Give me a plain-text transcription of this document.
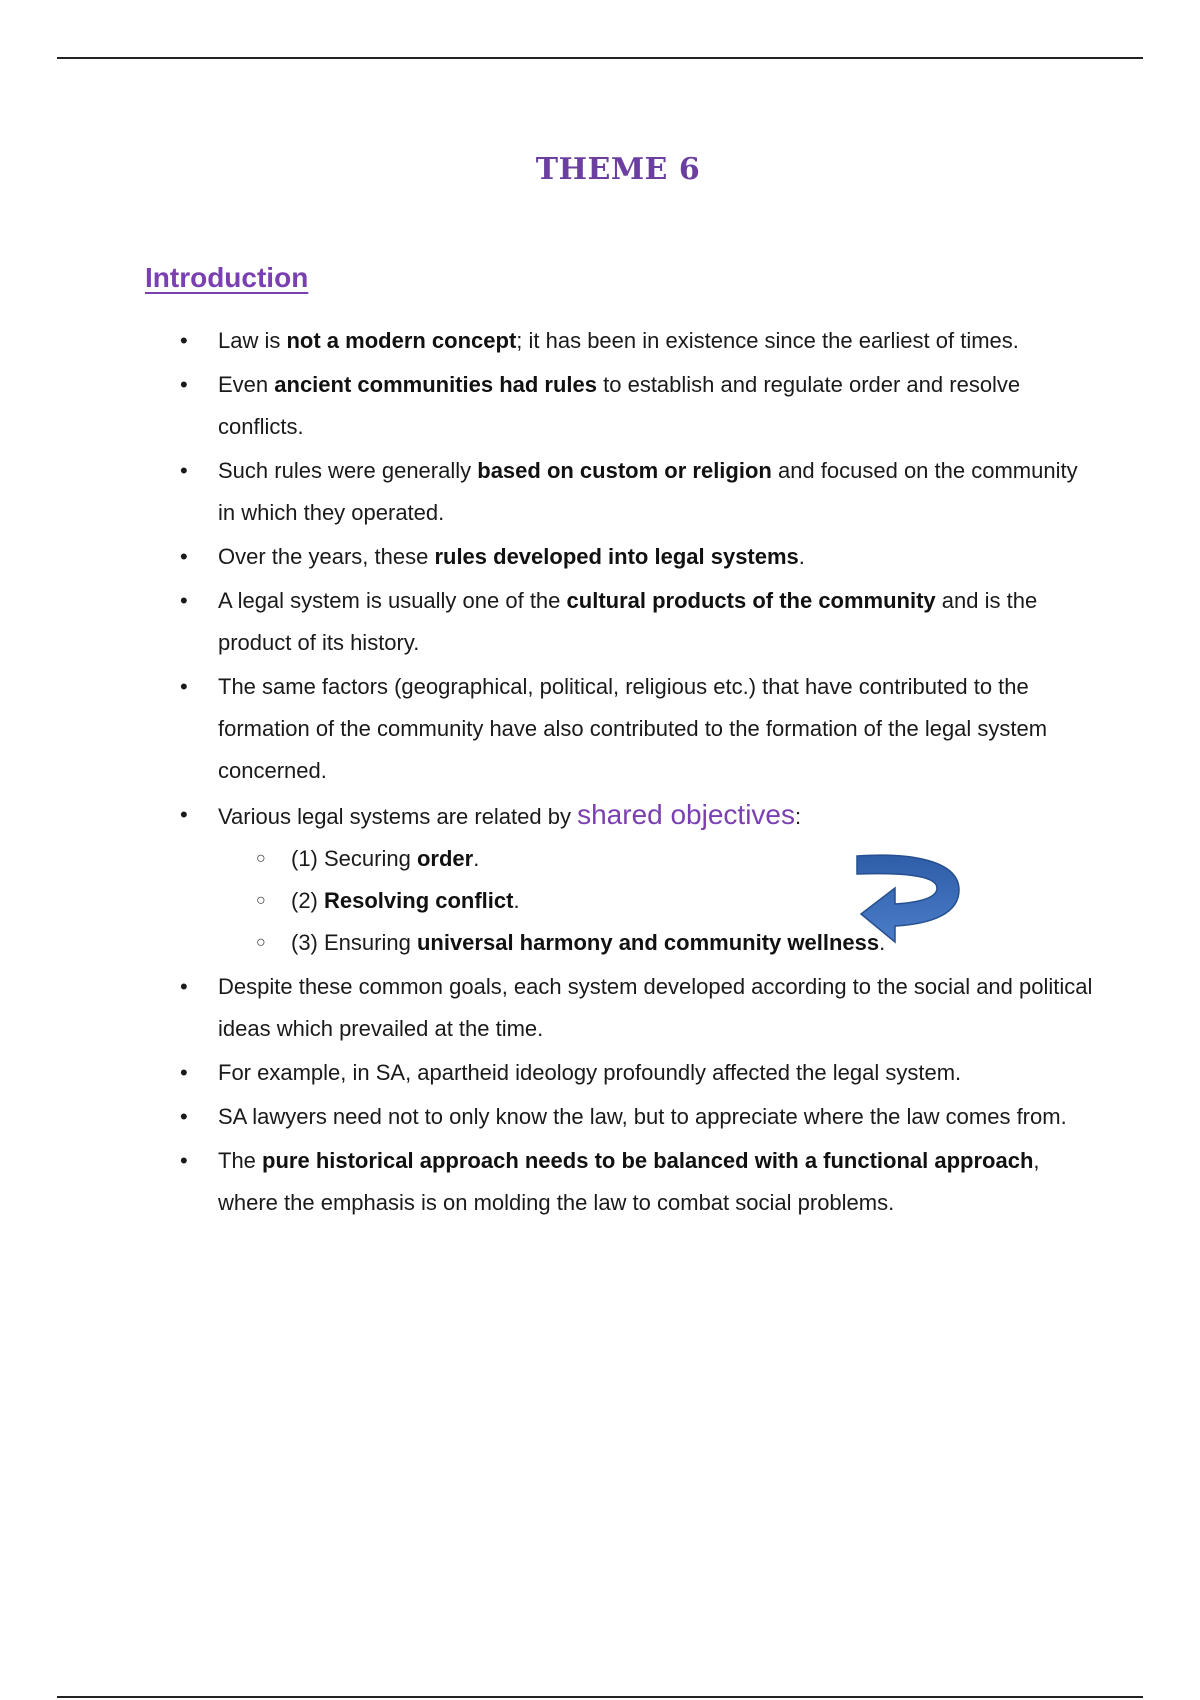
THEME 6
Introduction
• Law is not a modern concept; it has been in existence since the earliest of times.
• Even ancient communities had rules to establish and regulate order and resolve conflicts.
• Such rules were generally based on custom or religion and focused on the community in which they operated.
• Over the years, these rules developed into legal systems.
• A legal system is usually one of the cultural products of the community and is the product of its history.
• The same factors (geographical, political, religious etc.) that have contributed to the formation of the community have also contributed to the formation of the legal system concerned.
• Various legal systems are related by shared objectives:
○ (1) Securing order.
○ (2) Resolving conflict.
○ (3) Ensuring universal harmony and community wellness.
• Despite these common goals, each system developed according to the social and political ideas which prevailed at the time.
• For example, in SA, apartheid ideology profoundly affected the legal system.
• SA lawyers need not to only know the law, but to appreciate where the law comes from.
• The pure historical approach needs to be balanced with a functional approach, where the emphasis is on molding the law to combat social problems.
